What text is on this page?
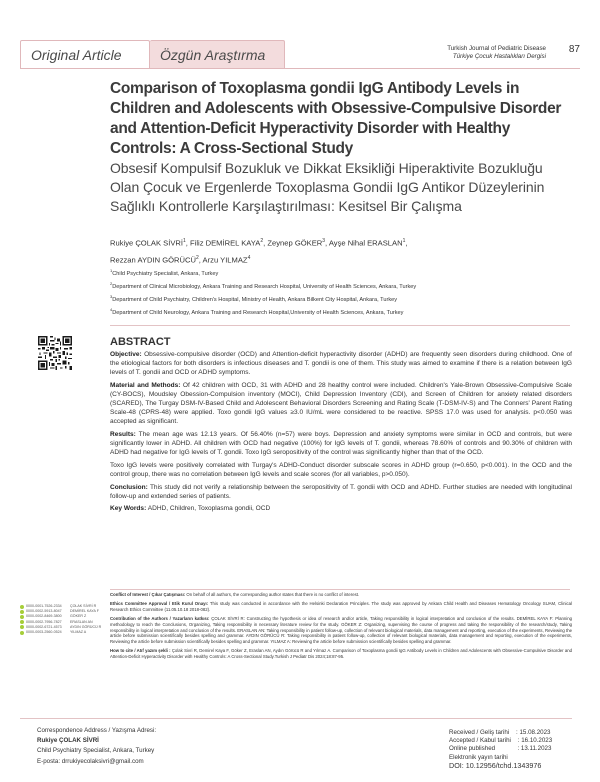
Original Article	Özgün Araştırma	Turkish Journal of Pediatric Disease
Türkiye Çocuk Hastalıkları Dergisi
87
Comparison of Toxoplasma gondii IgG Antibody Levels in Children and Adolescents with Obsessive-Compulsive Disorder and Attention-Deficit Hyperactivity Disorder with Healthy Controls: A Cross-Sectional Study
Obsesif Kompulsif Bozukluk ve Dikkat Eksikliği Hiperaktivite Bozukluğu Olan Çocuk ve Ergenlerde Toxoplasma Gondii IgG Antikor Düzeylerinin Sağlıklı Kontrollerle Karşılaştırılması: Kesitsel Bir Çalışma
Rukiye ÇOLAK SİVRİ$^1$, Filiz DEMİREL KAYA$^2$, Zeynep GÖKER$^3$, Ayşe Nihal ERASLAN$^1$,
Rezzan AYDIN GÖRÜCÜ$^2$, Arzu YILMAZ$^4$
$^1$Child Psychiatry Specialist, Ankara, Turkey
$^2$Department of Clinical Microbiology, Ankara Training and Research Hospital, University of Health Sciences, Ankara, Turkey
$^3$Department of Child Psychiatry, Children's Hospital, Ministry of Health, Ankara Bilkent City Hospital, Ankara, Turkey
$^4$Department of Child Neurology, Ankara Training and Research Hospital,University of Health Sciences, Ankara, Turkey
ABSTRACT

Objective: Obsessive-compulsive disorder (OCD) and Attention-deficit hyperactivity disorder (ADHD) are frequently seen disorders during childhood. One of the etiological factors for both disorders is infectious diseases and T. gondii is one of them. This study was aimed to examine if there is a relation between IgG levels of T. gondii and OCD or ADHD symptoms.

Material and Methods: Of 42 children with OCD, 31 with ADHD and 28 healthy control were included. Children's Yale-Brown Obsessive-Compulsive Scale (CY-BOCS), Moudsley Obession-Compulsion inventory (MOCI), Child Depression Inventory (CDI), and Screen of Children for anxiety related disorders (SCARED), The Turgay DSM-IV-Based Child and Adolescent Behavioral Disorders Screening and Rating Scale (T-DSM-IV-S) and The Conners' Parent Rating Scale-48 (CPRS-48) were applied. Toxo gondii IgG values ≥3.0 IU/mL were considered to be reactive. SPSS 17.0 was used for analysis. p<0.050 was accepted as significant.

Results: The mean age was 12.13 years. Of 56.40% (n=57) were boys. Depression and anxiety symptoms were similar in OCD and controls, but were significantly lower in ADHD. All children with OCD had negative (100%) for IgG levels of T. gondii, whereas 78.60% of controls and 90.30% of children with ADHD had negative for IgG levels of T. gondii. Toxo IgG seropositivity of the control was significantly higher than that of the OCD.

Toxo IgG levels were positively correlated with Turgay's ADHD-Conduct disorder subscale scores in ADHD group (r=0.650, p<0.001). In the OCD and the control group, there was no correlation between IgG levels and scale scores (for all variables, p>0.050).

Conclusion: This study did not verify a relationship between the seropositivity of T. gondii with OCD and ADHD. Further studies are needed with longitudinal follow-up and extended series of patients.

Key Words: ADHD, Children, Toxoplasma gondii, OCD

0000-0001-7526-2334	ÇOLAK SİVRİ R
0000-0002-5913-8047	DEMİREL KAYA F
0000-0002-8469-3800	GÖKER Z
0000-0002-7956-7827	ERASLAN AN
0000-0002-6721-4573	AYDIN GÖRÜCÜ R
0000-0003-2560-0524	YILMAZ A

Conflict of Interest / Çıkar Çatışması: On behalf of all authors, the corresponding author states that there is no conflict of interest.

Ethics Committee Approval / Etik Kurul Onayı: This study was conducted in accordance with the Helsinki Declaration Principles. The study was approved by Ankara Child Health and Diseases Hematology Oncology SUAM, Clinical Research Ethics Committee (11.05.10.18 2018-082).

Contribution of the Authors / Yazarların katkısı: ÇOLAK SİVRİ R: Constructing the hypothesis or idea of research and/or article, Taking responsibility in logical interpretation and conclusion of the results. DEMİREL KAYA F: Planning methodology to reach the Conclusions, Organizing, Taking responsibility in necessary literature review for the study. GÖKER Z: Organizing, supervising the course of progress and taking the responsibility of the research/study, Taking responsibility in logical interpretation and conclusion of the results. ERASLAN AN: Taking responsibility in patient follow-up, collection of relevant biological materials, data management and reporting, execution of the experiments, Reviewing the article before submission scientifically besides spelling and grammar. AYDIN GÖRÜCÜ R: Taking responsibility in patient follow-up, collection of relevant biological materials, data management and reporting, execution of the experiments, Reviewing the article before submission scientifically besides spelling and grammar. YILMAZ A: Reviewing the article before submission scientifically besides spelling and grammar.

How to cite / Atıf yazım şekli : Çolak Sivri R, Demirel Kaya F, Göker Z, Eraslan AN, Aydın Görücü R and Yılmaz A. Comparison of Toxoplasma gondii IgG Antibody Levels in Children and Adolescents with Obsessive-Compulsive Disorder and Attention-Deficit Hyperactivity Disorder with Healthy Controls: A Cross-Sectional Study.Turkish J Pediatr Dis 2024;18:87-95.

Correspondence Address / Yazışma Adresi:
Rukiye ÇOLAK SİVRİ
Child Psychiatry Specialist, Ankara, Turkey
E-posta: drrukiyecolaksivri@gmail.com
Received / Geliş tarihi    : 15.08.2023
Accepted / Kabul tarihi    : 16.10.2023
Online published             : 13.11.2023
Elektronik yayın tarihi
DOI: 10.12956/tchd.1343976
